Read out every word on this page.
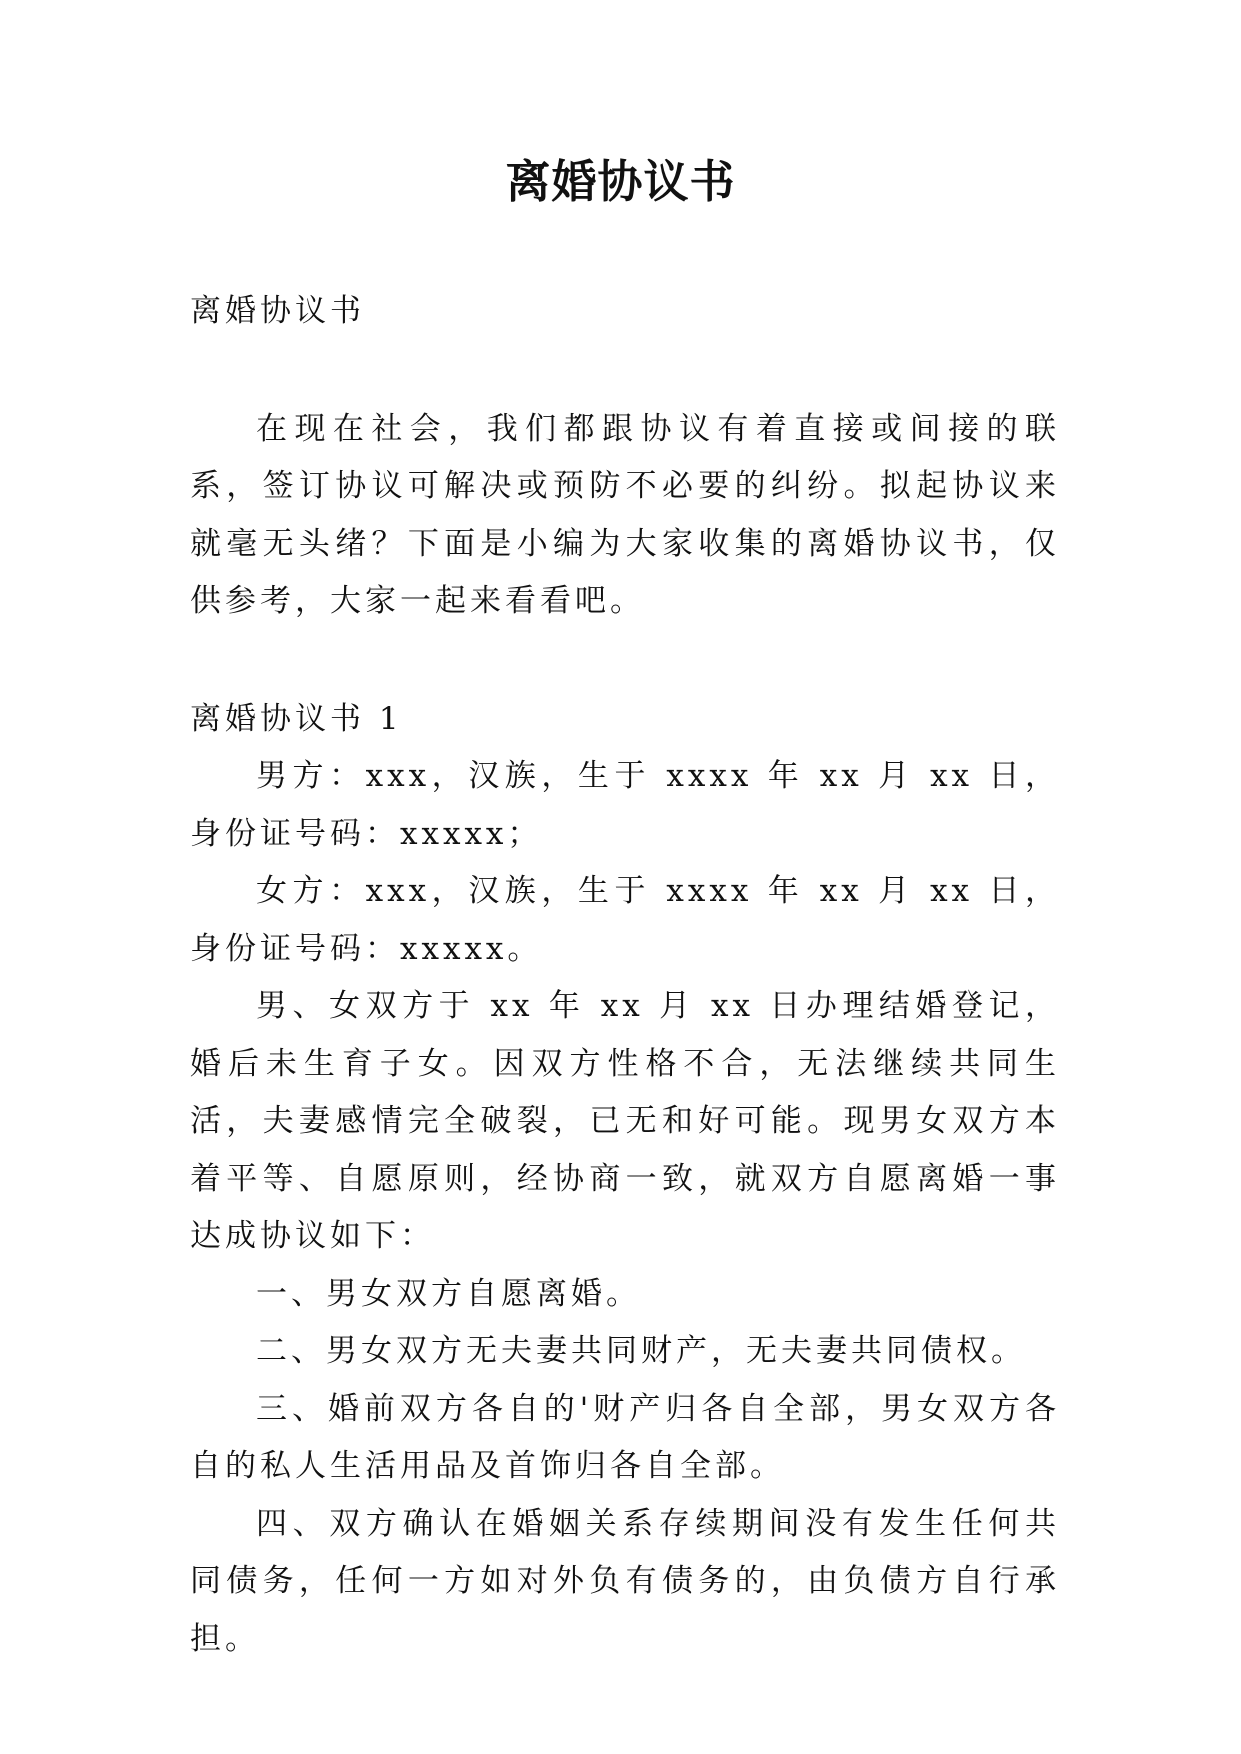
离婚协议书

离婚协议书

在现在社会，我们都跟协议有着直接或间接的联系，签订协议可解决或预防不必要的纠纷。拟起协议来就毫无头绪？下面是小编为大家收集的离婚协议书，仅供参考，大家一起来看看吧。

离婚协议书 1

男方：xxx，汉族，生于 xxxx 年 xx 月 xx 日，身份证号码：xxxxx；

女方：xxx，汉族，生于 xxxx 年 xx 月 xx 日，身份证号码：xxxxx。

男、女双方于 xx 年 xx 月 xx 日办理结婚登记，婚后未生育子女。因双方性格不合，无法继续共同生活，夫妻感情完全破裂，已无和好可能。现男女双方本着平等、自愿原则，经协商一致，就双方自愿离婚一事达成协议如下：

一、男女双方自愿离婚。

二、男女双方无夫妻共同财产，无夫妻共同债权。

三、婚前双方各自的'财产归各自全部，男女双方各自的私人生活用品及首饰归各自全部。

四、双方确认在婚姻关系存续期间没有发生任何共同债务，任何一方如对外负有债务的，由负债方自行承担。
